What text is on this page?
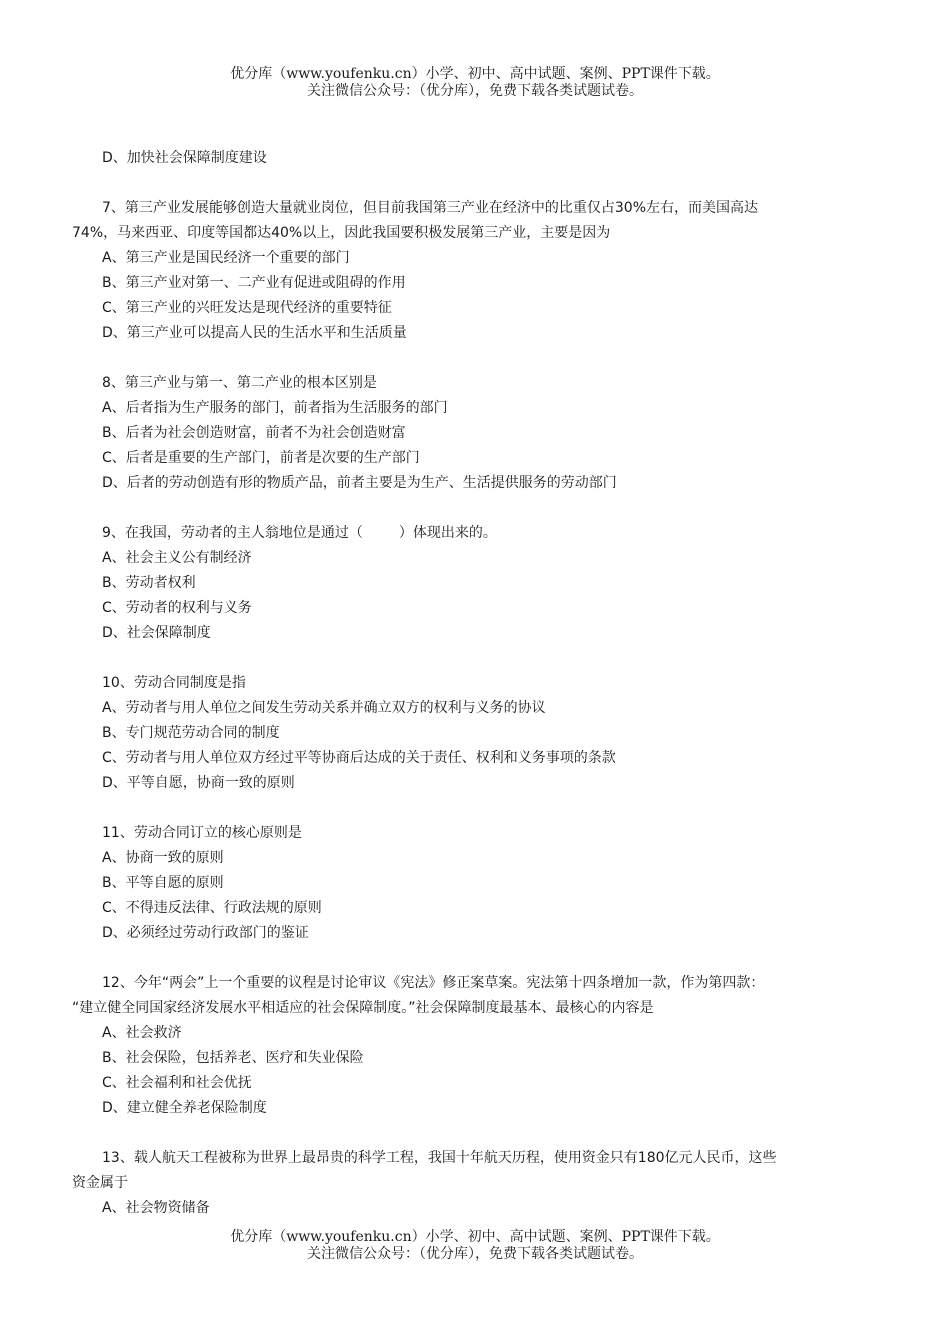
优分库（www.youfenku.cn）小学、初中、高中试题、案例、PPT课件下载。
关注微信公众号：（优分库），免费下载各类试题试卷。
D、加快社会保障制度建设
7、第三产业发展能够创造大量就业岗位，但目前我国第三产业在经济中的比重仅占30%左右，而美国高达
74%，马来西亚、印度等国都达40%以上，因此我国要积极发展第三产业，主要是因为
A、第三产业是国民经济一个重要的部门
B、第三产业对第一、二产业有促进或阻碍的作用
C、第三产业的兴旺发达是现代经济的重要特征
D、第三产业可以提高人民的生活水平和生活质量
8、第三产业与第一、第二产业的根本区别是
A、后者指为生产服务的部门，前者指为生活服务的部门
B、后者为社会创造财富，前者不为社会创造财富
C、后者是重要的生产部门，前者是次要的生产部门
D、后者的劳动创造有形的物质产品，前者主要是为生产、生活提供服务的劳动部门
9、在我国，劳动者的主人翁地位是通过（	）体现出来的。
A、社会主义公有制经济
B、劳动者权利
C、劳动者的权利与义务
D、社会保障制度
10、劳动合同制度是指
A、劳动者与用人单位之间发生劳动关系并确立双方的权利与义务的协议
B、专门规范劳动合同的制度
C、劳动者与用人单位双方经过平等协商后达成的关于责任、权利和义务事项的条款
D、平等自愿，协商一致的原则
11、劳动合同订立的核心原则是
A、协商一致的原则
B、平等自愿的原则
C、不得违反法律、行政法规的原则
D、必须经过劳动行政部门的鉴证
12、今年“两会”上一个重要的议程是讨论审议《宪法》修正案草案。宪法第十四条增加一款，作为第四款：
“建立健全同国家经济发展水平相适应的社会保障制度。”社会保障制度最基本、最核心的内容是
A、社会救济
B、社会保险，包括养老、医疗和失业保险
C、社会福利和社会优抚
D、建立健全养老保险制度
13、载人航天工程被称为世界上最昂贵的科学工程，我国十年航天历程，使用资金只有180亿元人民币，这些
资金属于
A、社会物资储备
优分库（www.youfenku.cn）小学、初中、高中试题、案例、PPT课件下载。
关注微信公众号：（优分库），免费下载各类试题试卷。
